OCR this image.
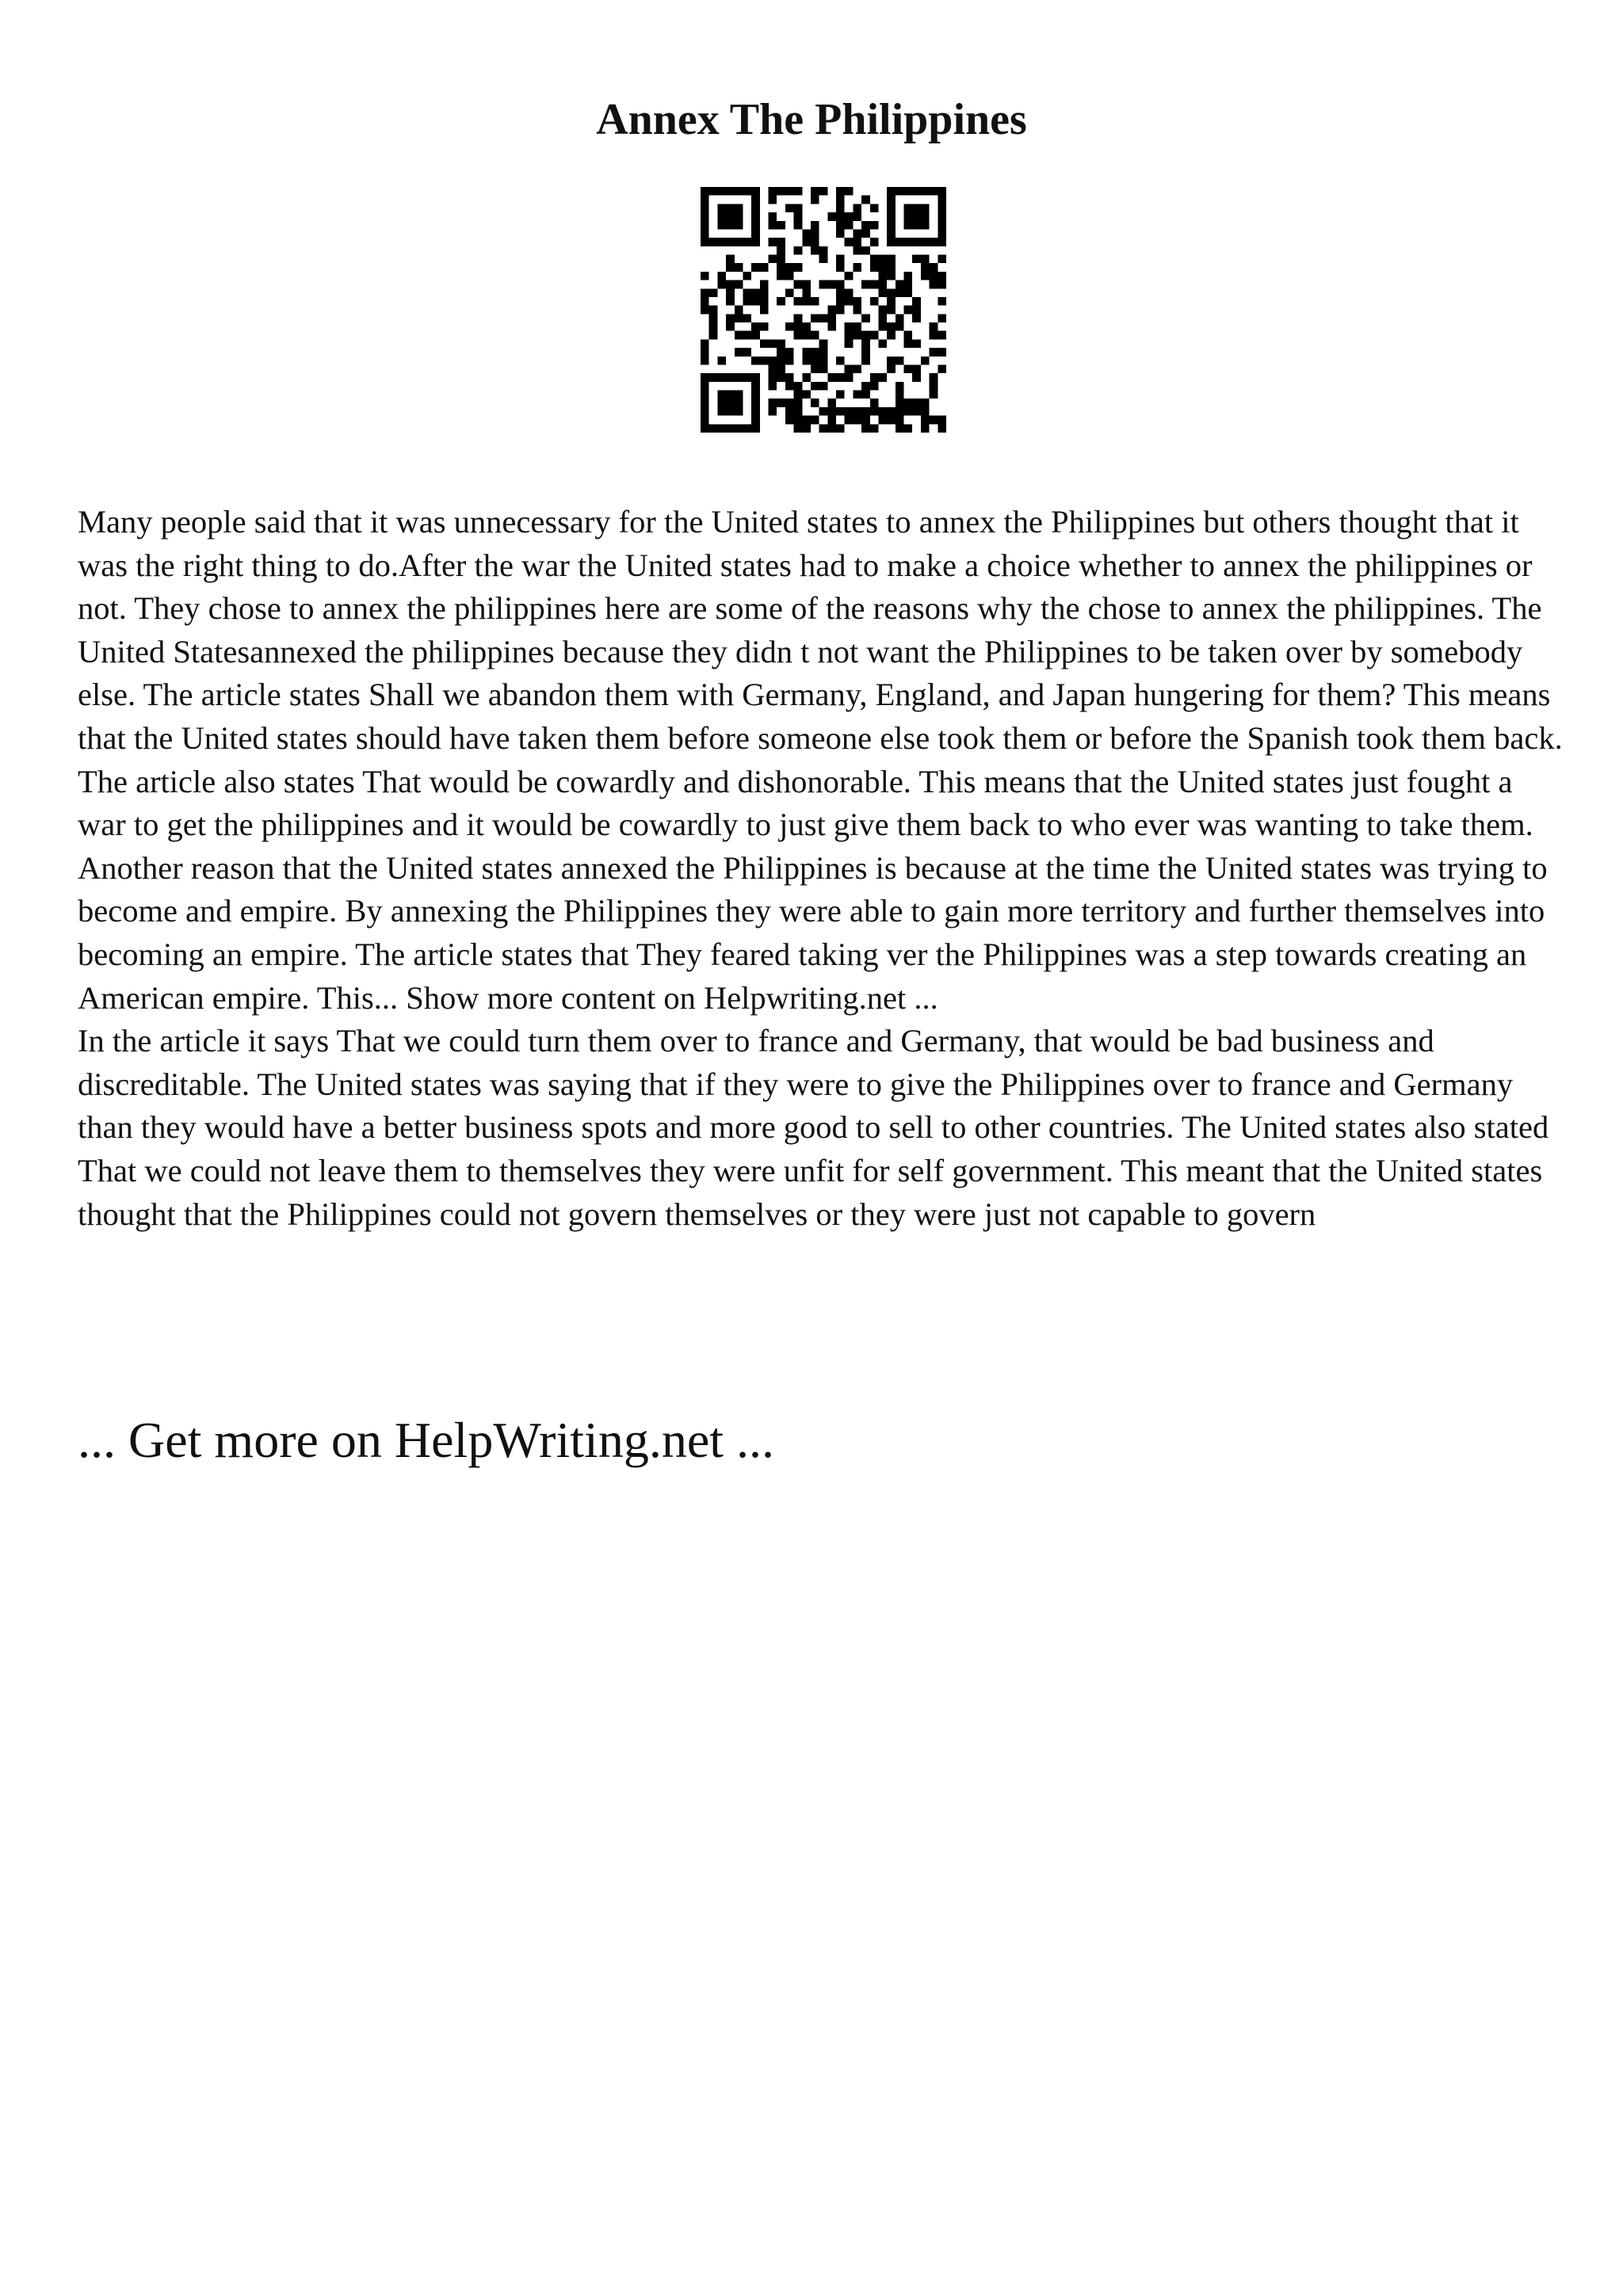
Annex The Philippines

Many people said that it was unnecessary for the United states to annex the Philippines but others thought that it was the right thing to do.After the war the United states had to make a choice whether to annex the philippines or not. They chose to annex the philippines here are some of the reasons why the chose to annex the philippines. The United Statesannexed the philippines because they didn t not want the Philippines to be taken over by somebody else. The article states Shall we abandon them with Germany, England, and Japan hungering for them? This means that the United states should have taken them before someone else took them or before the Spanish took them back. The article also states That would be cowardly and dishonorable. This means that the United states just fought a war to get the philippines and it would be cowardly to just give them back to who ever was wanting to take them. Another reason that the United states annexed the Philippines is because at the time the United states was trying to become and empire. By annexing the Philippines they were able to gain more territory and further themselves into becoming an empire. The article states that They feared taking ver the Philippines was a step towards creating an American empire. This... Show more content on Helpwriting.net ...

In the article it says That we could turn them over to france and Germany, that would be bad business and discreditable. The United states was saying that if they were to give the Philippines over to france and Germany than they would have a better business spots and more good to sell to other countries. The United states also stated That we could not leave them to themselves they were unfit for self government. This meant that the United states thought that the Philippines could not govern themselves or they were just not capable to govern

... Get more on HelpWriting.net ...
